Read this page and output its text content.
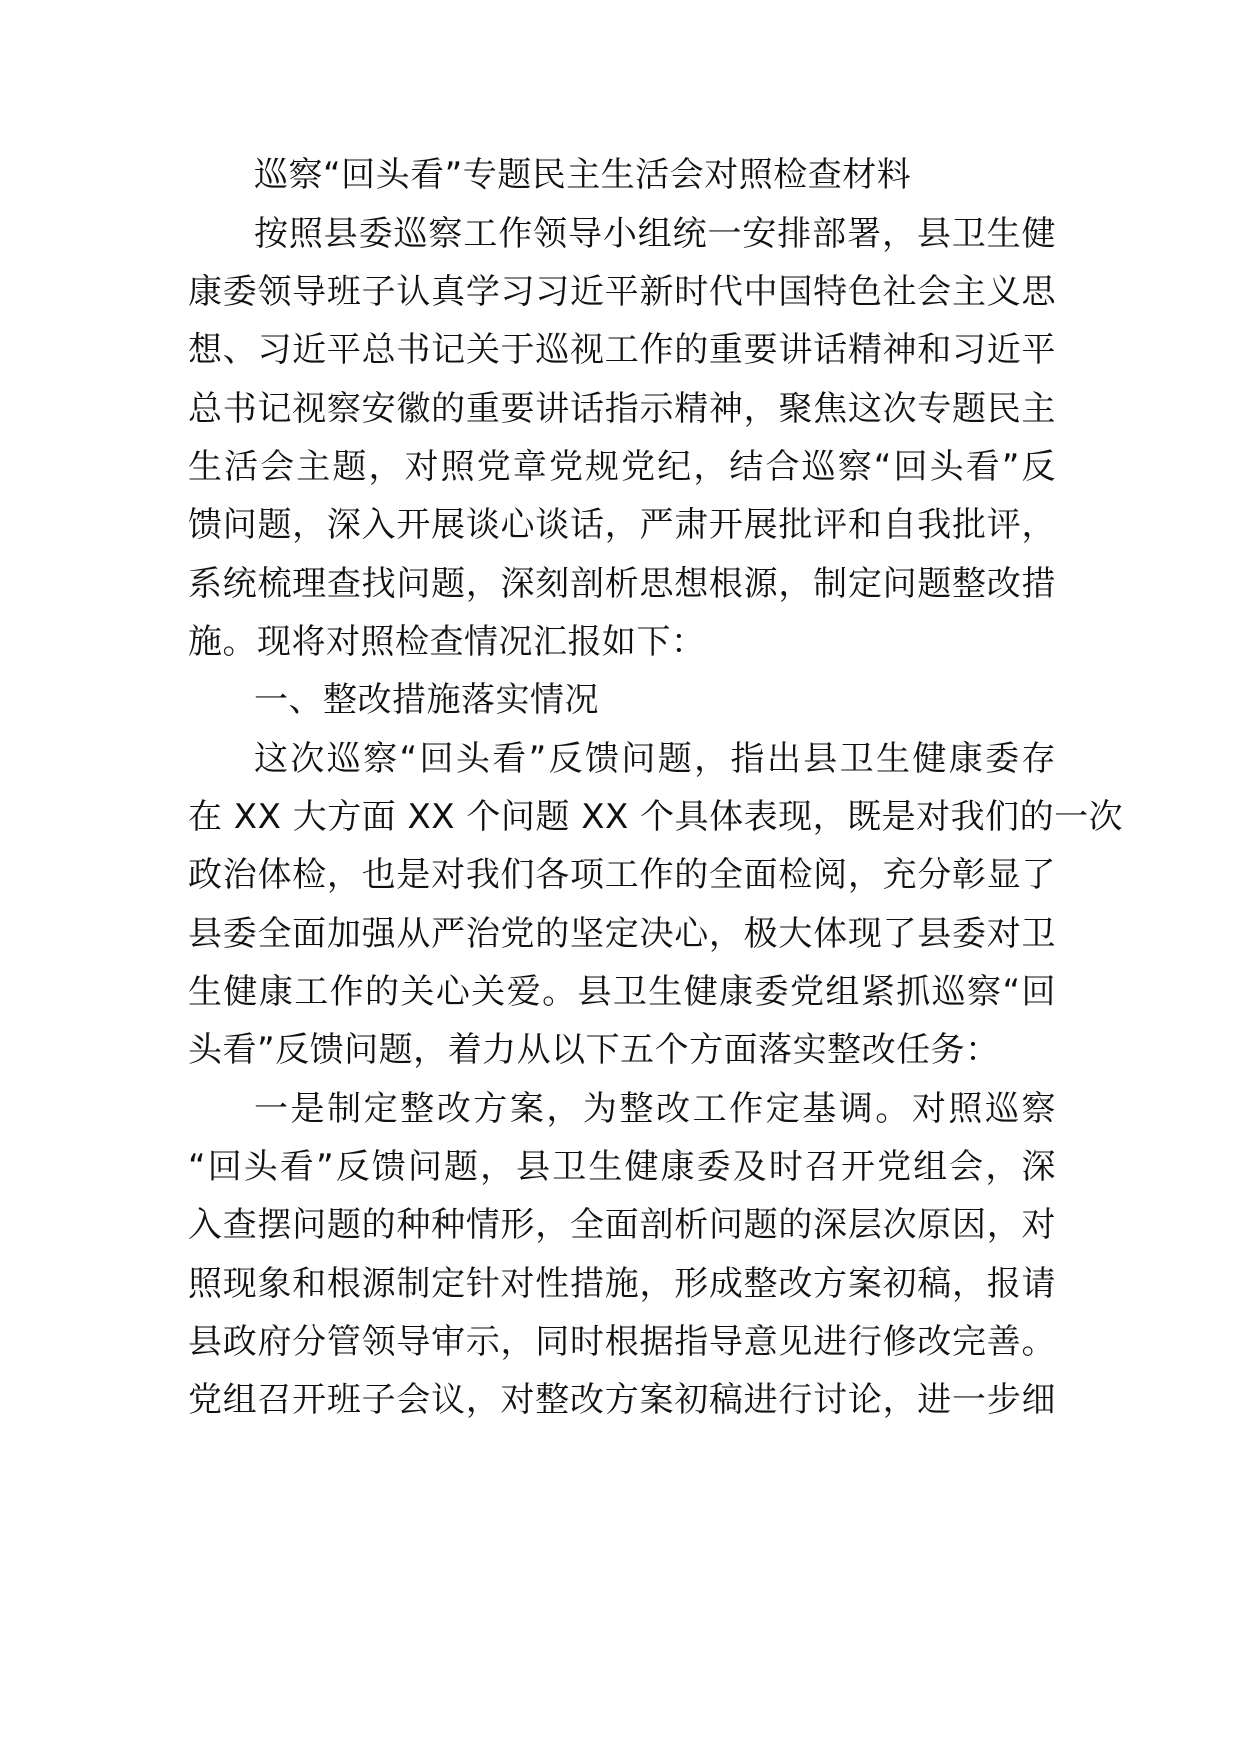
巡察“回头看”专题民主生活会对照检查材料
按照县委巡察工作领导小组统一安排部署，县卫生健
康委领导班子认真学习习近平新时代中国特色社会主义思
想、习近平总书记关于巡视工作的重要讲话精神和习近平
总书记视察安徽的重要讲话指示精神，聚焦这次专题民主
生活会主题，对照党章党规党纪，结合巡察“回头看”反
馈问题，深入开展谈心谈话，严肃开展批评和自我批评，
系统梳理查找问题，深刻剖析思想根源，制定问题整改措
施。现将对照检查情况汇报如下：
一、整改措施落实情况
这次巡察“回头看”反馈问题，指出县卫生健康委存
在 XX 大方面 XX 个问题 XX 个具体表现，既是对我们的一次
政治体检，也是对我们各项工作的全面检阅，充分彰显了
县委全面加强从严治党的坚定决心，极大体现了县委对卫
生健康工作的关心关爱。县卫生健康委党组紧抓巡察“回
头看”反馈问题，着力从以下五个方面落实整改任务：
一是制定整改方案，为整改工作定基调。对照巡察
“回头看”反馈问题，县卫生健康委及时召开党组会，深
入查摆问题的种种情形，全面剖析问题的深层次原因，对
照现象和根源制定针对性措施，形成整改方案初稿，报请
县政府分管领导审示，同时根据指导意见进行修改完善。
党组召开班子会议，对整改方案初稿进行讨论，进一步细
